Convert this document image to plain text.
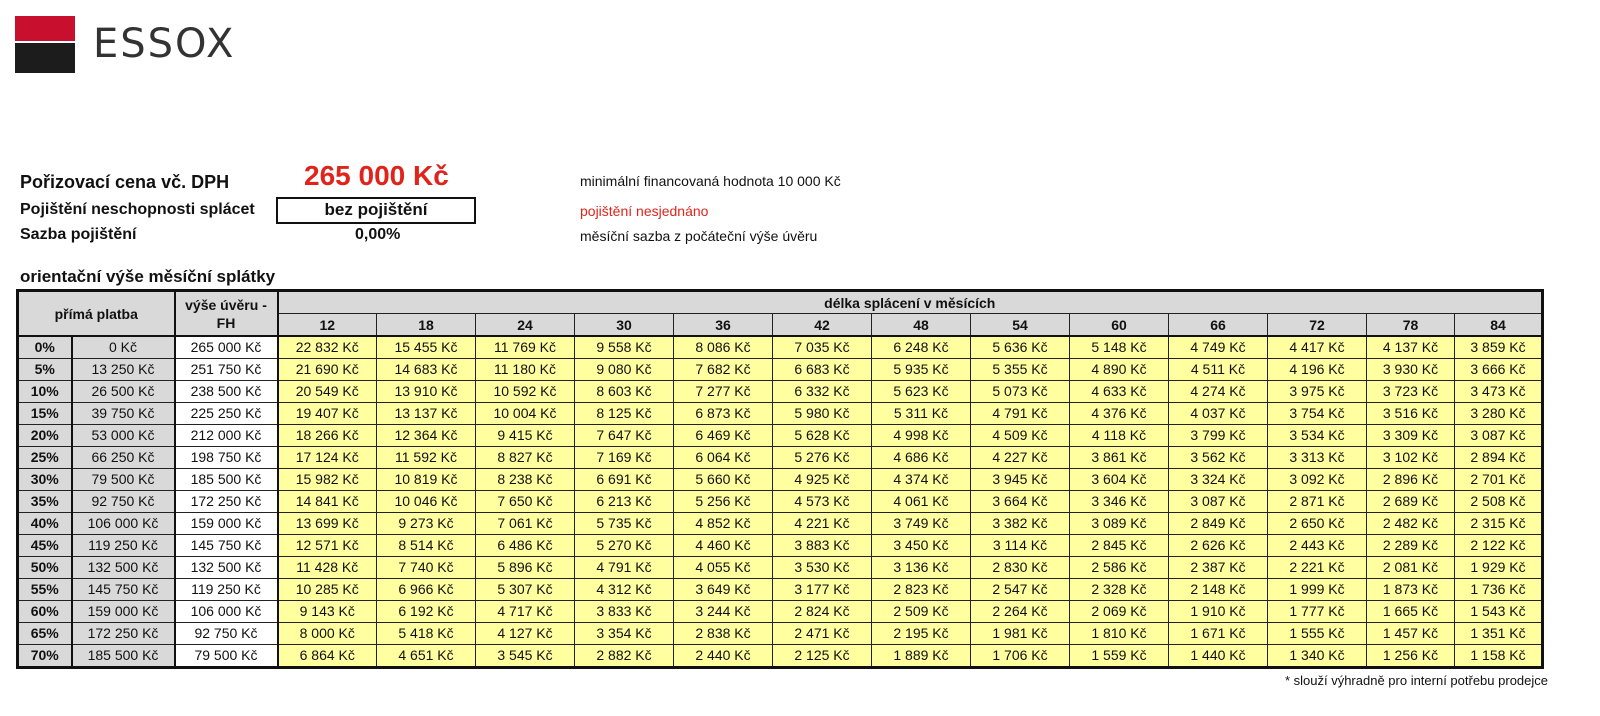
ESSOX
Pořizovací cena vč. DPH	265 000 Kč	minimální financovaná hodnota 10 000 Kč
Pojištění neschopnosti splácet	bez pojištění	pojištění nesjednáno
Sazba pojištění	0,00%	měsíční sazba z počáteční výše úvěru
orientační výše měsíční splátky
přímá platba		výše úvěru - FH	délka splácení v měsících												
			12	18	24	30	36	42	48	54	60	66	72	78	84
0%	0 Kč	265 000 Kč	22 832 Kč	15 455 Kč	11 769 Kč	9 558 Kč	8 086 Kč	7 035 Kč	6 248 Kč	5 636 Kč	5 148 Kč	4 749 Kč	4 417 Kč	4 137 Kč	3 859 Kč
5%	13 250 Kč	251 750 Kč	21 690 Kč	14 683 Kč	11 180 Kč	9 080 Kč	7 682 Kč	6 683 Kč	5 935 Kč	5 355 Kč	4 890 Kč	4 511 Kč	4 196 Kč	3 930 Kč	3 666 Kč
10%	26 500 Kč	238 500 Kč	20 549 Kč	13 910 Kč	10 592 Kč	8 603 Kč	7 277 Kč	6 332 Kč	5 623 Kč	5 073 Kč	4 633 Kč	4 274 Kč	3 975 Kč	3 723 Kč	3 473 Kč
15%	39 750 Kč	225 250 Kč	19 407 Kč	13 137 Kč	10 004 Kč	8 125 Kč	6 873 Kč	5 980 Kč	5 311 Kč	4 791 Kč	4 376 Kč	4 037 Kč	3 754 Kč	3 516 Kč	3 280 Kč
20%	53 000 Kč	212 000 Kč	18 266 Kč	12 364 Kč	9 415 Kč	7 647 Kč	6 469 Kč	5 628 Kč	4 998 Kč	4 509 Kč	4 118 Kč	3 799 Kč	3 534 Kč	3 309 Kč	3 087 Kč
25%	66 250 Kč	198 750 Kč	17 124 Kč	11 592 Kč	8 827 Kč	7 169 Kč	6 064 Kč	5 276 Kč	4 686 Kč	4 227 Kč	3 861 Kč	3 562 Kč	3 313 Kč	3 102 Kč	2 894 Kč
30%	79 500 Kč	185 500 Kč	15 982 Kč	10 819 Kč	8 238 Kč	6 691 Kč	5 660 Kč	4 925 Kč	4 374 Kč	3 945 Kč	3 604 Kč	3 324 Kč	3 092 Kč	2 896 Kč	2 701 Kč
35%	92 750 Kč	172 250 Kč	14 841 Kč	10 046 Kč	7 650 Kč	6 213 Kč	5 256 Kč	4 573 Kč	4 061 Kč	3 664 Kč	3 346 Kč	3 087 Kč	2 871 Kč	2 689 Kč	2 508 Kč
40%	106 000 Kč	159 000 Kč	13 699 Kč	9 273 Kč	7 061 Kč	5 735 Kč	4 852 Kč	4 221 Kč	3 749 Kč	3 382 Kč	3 089 Kč	2 849 Kč	2 650 Kč	2 482 Kč	2 315 Kč
45%	119 250 Kč	145 750 Kč	12 571 Kč	8 514 Kč	6 486 Kč	5 270 Kč	4 460 Kč	3 883 Kč	3 450 Kč	3 114 Kč	2 845 Kč	2 626 Kč	2 443 Kč	2 289 Kč	2 122 Kč
50%	132 500 Kč	132 500 Kč	11 428 Kč	7 740 Kč	5 896 Kč	4 791 Kč	4 055 Kč	3 530 Kč	3 136 Kč	2 830 Kč	2 586 Kč	2 387 Kč	2 221 Kč	2 081 Kč	1 929 Kč
55%	145 750 Kč	119 250 Kč	10 285 Kč	6 966 Kč	5 307 Kč	4 312 Kč	3 649 Kč	3 177 Kč	2 823 Kč	2 547 Kč	2 328 Kč	2 148 Kč	1 999 Kč	1 873 Kč	1 736 Kč
60%	159 000 Kč	106 000 Kč	9 143 Kč	6 192 Kč	4 717 Kč	3 833 Kč	3 244 Kč	2 824 Kč	2 509 Kč	2 264 Kč	2 069 Kč	1 910 Kč	1 777 Kč	1 665 Kč	1 543 Kč
65%	172 250 Kč	92 750 Kč	8 000 Kč	5 418 Kč	4 127 Kč	3 354 Kč	2 838 Kč	2 471 Kč	2 195 Kč	1 981 Kč	1 810 Kč	1 671 Kč	1 555 Kč	1 457 Kč	1 351 Kč
70%	185 500 Kč	79 500 Kč	6 864 Kč	4 651 Kč	3 545 Kč	2 882 Kč	2 440 Kč	2 125 Kč	1 889 Kč	1 706 Kč	1 559 Kč	1 440 Kč	1 340 Kč	1 256 Kč	1 158 Kč
* slouží výhradně pro interní potřebu prodejce
